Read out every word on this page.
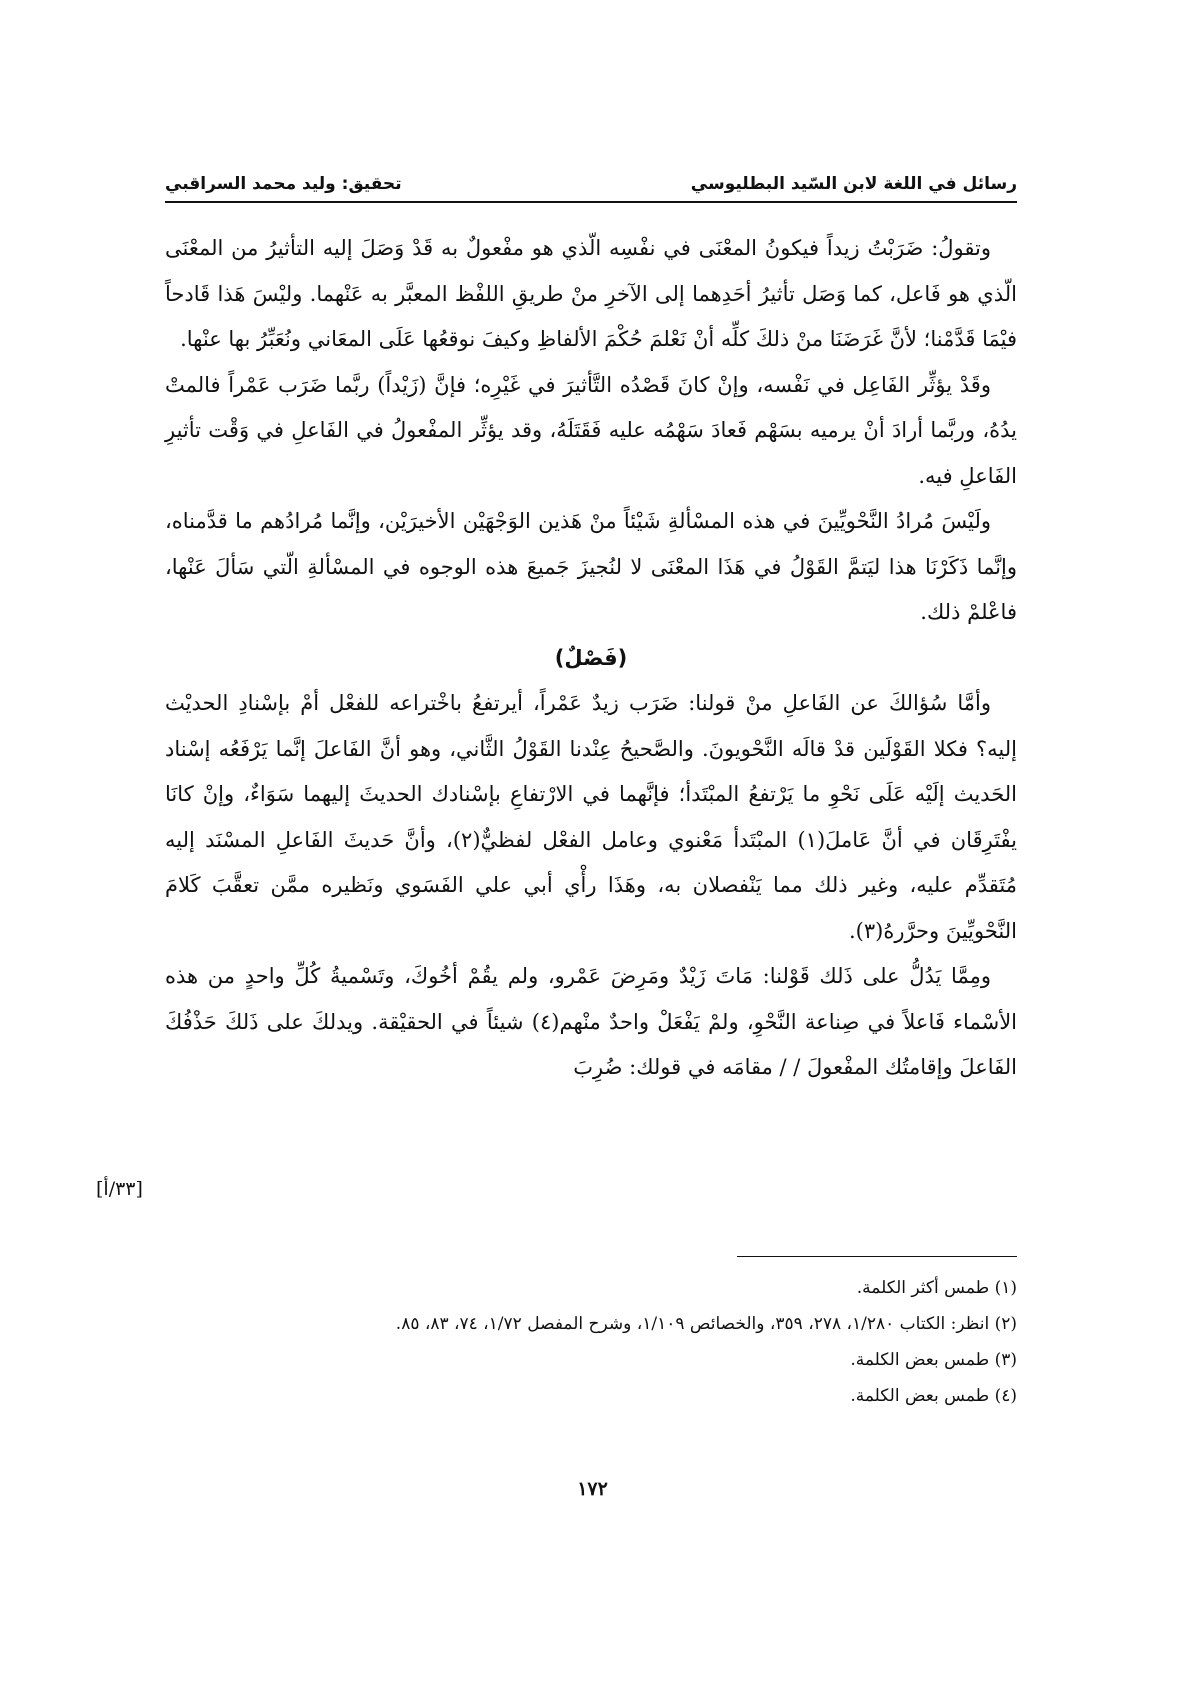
رسائل في اللغة لابن السّيد البطليوسي
تحقيق: وليد محمد السراقبي

وتقولُ: ضَرَبْتُ زيداً فيكونُ المعْنَى في نفْسِه الّذي هو مفْعولٌ به قَدْ وَصَلَ إليه التأثيرُ من المعْنَى الّذي هو فَاعل، كما وَصَل تأثيرُ أحَدِهما إلى الآخرِ منْ طريقِ اللفْظ المعبَّر به عَنْهما. وليْسَ هَذا قَادحاً فيْمَا قَدَّمْنا؛ لأنَّ غَرَضَنَا منْ ذلكَ كلِّه أنْ نَعْلمَ حُكْمَ الألفاظِ وكيفَ نوقعُها عَلَى المعَاني ونُعَبِّرُ بها عنْها.

وقَدْ يؤثِّر الفَاعِل في نَفْسه، وإنْ كانَ قَصْدُه التَّأثيرَ في غَيْرِه؛ فإنَّ (زَيْداً) ربَّما ضَرَب عَمْراً فالمتْ يدُهُ، وربَّما أرادَ أنْ يرميه بسَهْم فَعادَ سَهْمُه عليه فَقَتَلَهُ، وقد يؤثِّر المفْعولُ في الفَاعلِ في وَقْت تأثيرِ الفَاعلِ فيه.

ولَيْسَ مُرادُ النَّحْويِّينَ في هذه المسْألةِ شَيْئاً منْ هَذين الوَجْهَيْن الأخيرَيْن، وإنَّما مُرادُهم ما قدَّمناه، وإنَّما ذَكَرْنَا هذا ليَتمَّ القَوْلُ في هَذَا المعْنَى لا لنُجيزَ جَميعَ هذه الوجوه في المسْألةِ الّتي سَألَ عَنْها، فاعْلمْ ذلك.

(فَصْلٌ)

وأمَّا سُؤالكَ عن الفَاعلِ منْ قولنا: ضَرَب زيدٌ عَمْراً، أيرتفعُ باخْتراعه للفعْل أمْ بإسْنادِ الحديْث إليه؟ فكلا القَوْلَين قدْ قالَه النَّحْويونَ. والصَّحيحُ عِنْدنا القَوْلُ الثَّاني، وهو أنَّ الفَاعلَ إنَّما يَرْفَعُه إسْناد الحَديث إلَيْه عَلَى نَحْوِ ما يَرْتفعُ المبْتَدأ؛ فإنَّهما في الارْتفاعِ بإسْنادك الحديثَ إليهما سَوَاءٌ، وإنْ كانَا يفْتَرِقَان في أنَّ عَاملَ(١) المبْتَدأ مَعْنوي وعامل الفعْل لفظيٌّ(٢)، وأنَّ حَديثَ الفَاعلِ المسْنَد إليه مُتَقدِّم عليه، وغير ذلك مما يَنْفصلان به، وهَذَا رأْي أبي علي الفَسَوي ونَظيره ممَّن تعقَّبَ كَلامَ النَّحْويِّينَ وحرَّرهُ(٣).

ومِمَّا يَدُلُّ على ذَلك قَوْلنا: مَاتَ زَيْدٌ ومَرِضَ عَمْرو، ولم يقُمْ أخُوكَ، وتَسْميةُ كُلِّ واحدٍ من هذه الأسْماء فَاعلاً في صِناعة النَّحْوِ، ولمْ يَفْعَلْ واحدٌ منْهم(٤) شيئاً في الحقيْقة. ويدلكَ على ذَلكَ حَذْفُكَ الفَاعلَ وإقامتُك المفْعولَ / / مقامَه في قولك: ضُرِبَ

[٣٣/أ]
(١) طمس أكثر الكلمة.
(٢) انظر: الكتاب ١/٢٨٠، ٢٧٨، ٣٥٩، والخصائص ١/١٠٩، وشرح المفصل ١/٧٢، ٧٤، ٨٣، ٨٥.
(٣) طمس بعض الكلمة.
(٤) طمس بعض الكلمة.
١٧٢
